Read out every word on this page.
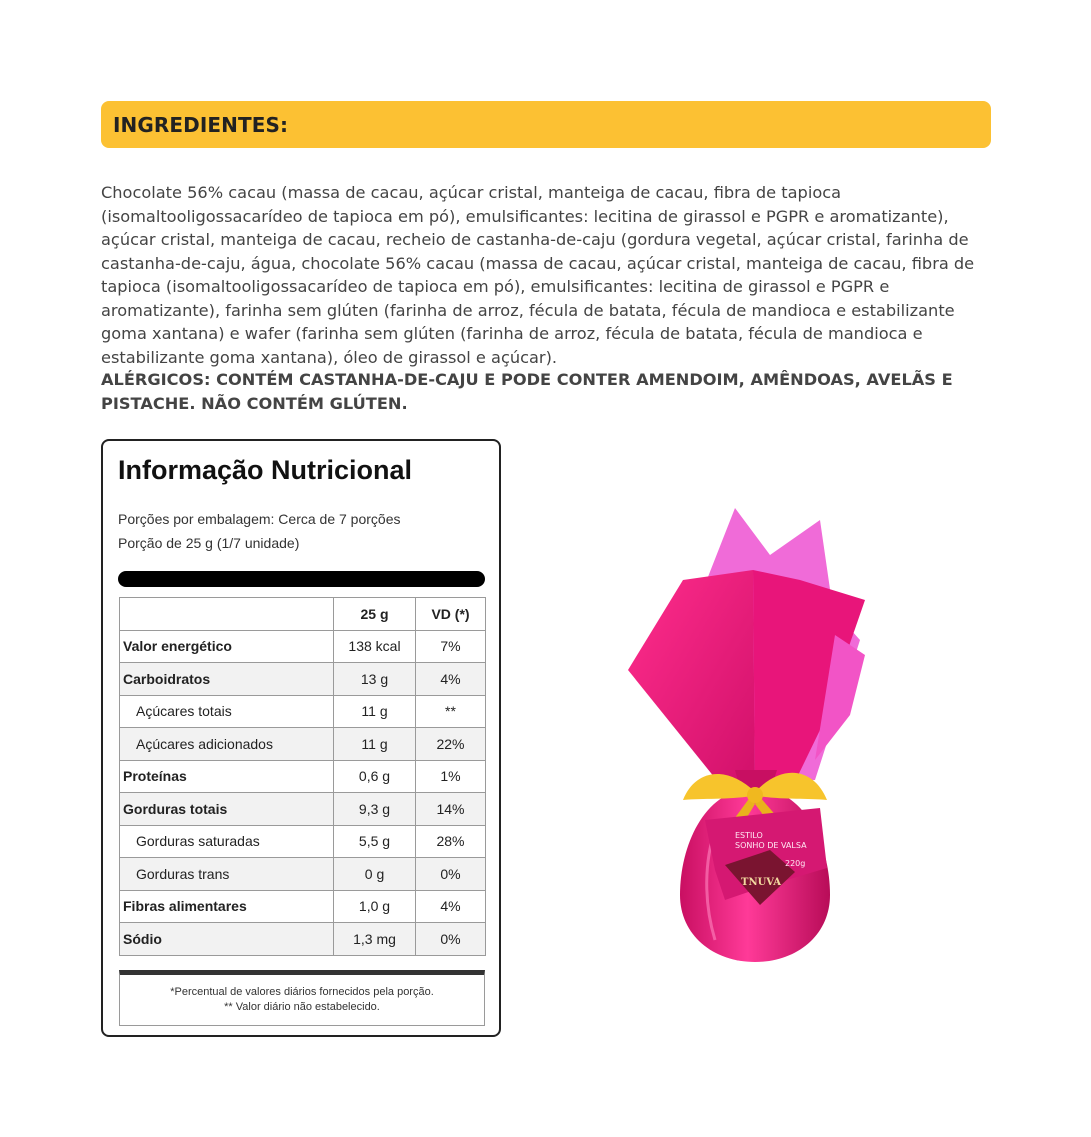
INGREDIENTES:

Chocolate 56% cacau (massa de cacau, açúcar cristal, manteiga de cacau, fibra de tapioca (isomaltooligossacarídeo de tapioca em pó), emulsificantes: lecitina de girassol e PGPR e aromatizante), açúcar cristal, manteiga de cacau, recheio de castanha-de-caju (gordura vegetal, açúcar cristal, farinha de castanha-de-caju, água, chocolate 56% cacau (massa de cacau, açúcar cristal, manteiga de cacau, fibra de tapioca (isomaltooligossacarídeo de tapioca em pó), emulsificantes: lecitina de girassol e PGPR e aromatizante), farinha sem glúten (farinha de arroz, fécula de batata, fécula de mandioca e estabilizante goma xantana) e wafer (farinha sem glúten (farinha de arroz, fécula de batata, fécula de mandioca e estabilizante goma xantana), óleo de girassol e açúcar).

ALÉRGICOS: CONTÉM CASTANHA-DE-CAJU E PODE CONTER AMENDOIM, AMÊNDOAS, AVELÃS E PISTACHE. NÃO CONTÉM GLÚTEN.

Informação Nutricional

Porções por embalagem: Cerca de 7 porções

Porção de 25 g (1/7 unidade)

	25 g	VD (*)
Valor energético	138 kcal	7%
Carboidratos	13 g	4%
Açúcares totais	11 g	**
Açúcares adicionados	11 g	22%
Proteínas	0,6 g	1%
Gorduras totais	9,3 g	14%
Gorduras saturadas	5,5 g	28%
Gorduras trans	0 g	0%
Fibras alimentares	1,0 g	4%
Sódio	1,3 mg	0%
*Percentual de valores diários fornecidos pela porção.
** Valor diário não estabelecido.
ESTILO
SONHO DE VALSA
220g
TNUVA
